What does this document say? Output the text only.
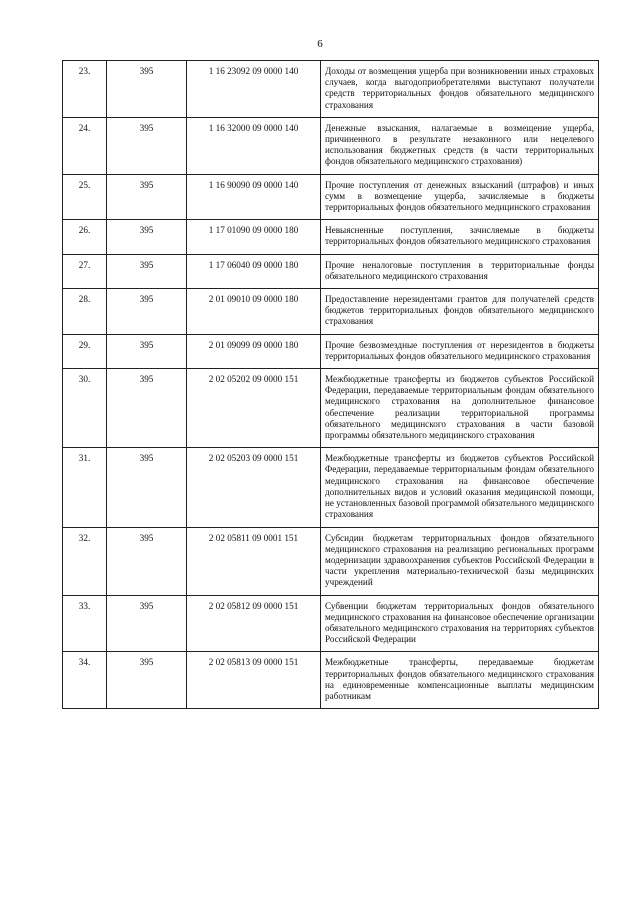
6
23.	395	1 16 23092 09 0000 140	Доходы от возмещения ущерба при возникновении иных страховых случаев, когда выгодоприобретателями выступают получатели средств территориальных фондов обязательного медицинского страхования
24.	395	1 16 32000 09 0000 140	Денежные взыскания, налагаемые в возмещение ущерба, причиненного в результате незаконного или нецелевого использования бюджетных средств (в части территориальных фондов обязательного медицинского страхования)
25.	395	1 16 90090 09 0000 140	Прочие поступления от денежных взысканий (штрафов) и иных сумм в возмещение ущерба, зачисляемые в бюджеты территориальных фондов обязательного медицинского страхования
26.	395	1 17 01090 09 0000 180	Невыясненные поступления, зачисляемые в бюджеты территориальных фондов обязательного медицинского страхования
27.	395	1 17 06040 09 0000 180	Прочие неналоговые поступления в территориальные фонды обязательного медицинского страхования
28.	395	2 01 09010 09 0000 180	Предоставление нерезидентами грантов для получателей средств бюджетов территориальных фондов обязательного медицинского страхования
29.	395	2 01 09099 09 0000 180	Прочие безвозмездные поступления от нерезидентов в бюджеты территориальных фондов обязательного медицинского страхования
30.	395	2 02 05202 09 0000 151	Межбюджетные трансферты из бюджетов субъектов Российской Федерации, передаваемые территориальным фондам обязательного медицинского страхования на дополнительное финансовое обеспечение реализации территориальной программы обязательного медицинского страхования в части базовой программы обязательного медицинского страхования
31.	395	2 02 05203 09 0000 151	Межбюджетные трансферты из бюджетов субъектов Российской Федерации, передаваемые территориальным фондам обязательного медицинского страхования на финансовое обеспечение дополнительных видов и условий оказания медицинской помощи, не установленных базовой программой обязательного медицинского страхования
32.	395	2 02 05811 09 0001 151	Субсидии бюджетам территориальных фондов обязательного медицинского страхования на реализацию региональных программ модернизации здравоохранения субъектов Российской Федерации в части укрепления материально-технической базы медицинских учреждений
33.	395	2 02 05812 09 0000 151	Субвенции бюджетам территориальных фондов обязательного медицинского страхования на финансовое обеспечение организации обязательного медицинского страхования на территориях субъектов Российской Федерации
34.	395	2 02 05813 09 0000 151	Межбюджетные трансферты, передаваемые бюджетам территориальных фондов обязательного медицинского страхования на единовременные компенсационные выплаты медицинским работникам
